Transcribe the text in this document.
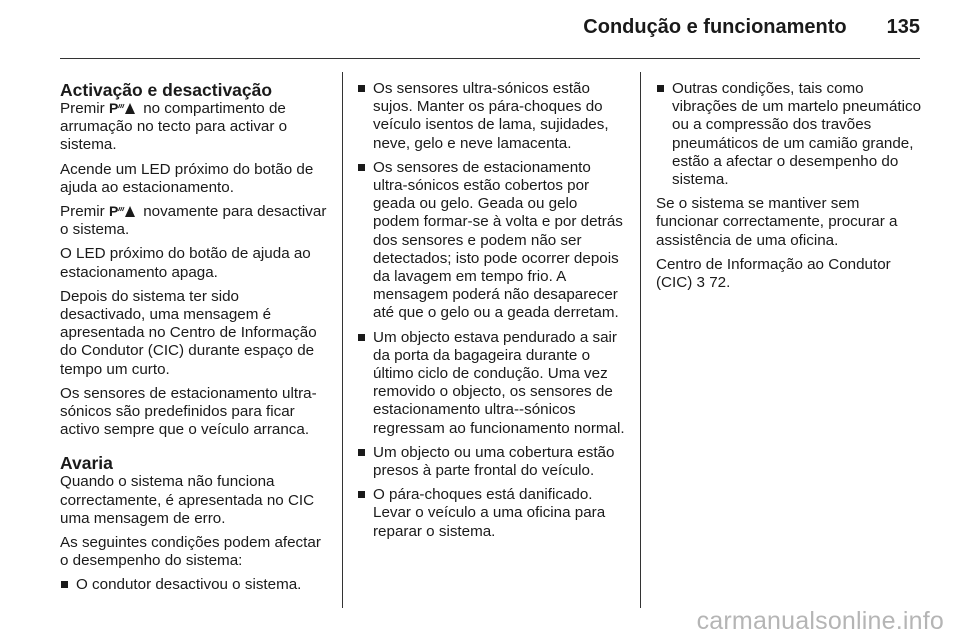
Condução e funcionamento 135
Activação e desactivação

Premir P no compartimento de arrumação no tecto para activar o sistema.

Acende um LED próximo do botão de ajuda ao estacionamento.

Premir P novamente para desactivar o sistema.

O LED próximo do botão de ajuda ao estacionamento apaga.

Depois do sistema ter sido desactivado, uma mensagem é apresentada no Centro de Informação do Condutor (CIC) durante espaço de tempo um curto.

Os sensores de estacionamento ultra-sónicos são predefinidos para ficar activo sempre que o veículo arranca.

Avaria

Quando o sistema não funciona correctamente, é apresentada no CIC uma mensagem de erro.

As seguintes condições podem afectar o desempenho do sistema:

O condutor desactivou o sistema.
Os sensores ultra-sónicos estão sujos. Manter os pára-choques do veículo isentos de lama, sujidades, neve, gelo e neve lamacenta.
Os sensores de estacionamento ultra-sónicos estão cobertos por geada ou gelo. Geada ou gelo podem formar-se à volta e por detrás dos sensores e podem não ser detectados; isto pode ocorrer depois da lavagem em tempo frio. A mensagem poderá não desaparecer até que o gelo ou a geada derretam.
Um objecto estava pendurado a sair da porta da bagageira durante o último ciclo de condução. Uma vez removido o objecto, os sensores de estacionamento ultra--sónicos regressam ao funcionamento normal.
Um objecto ou uma cobertura estão presos à parte frontal do veículo.
O pára-choques está danificado. Levar o veículo a uma oficina para reparar o sistema.
Outras condições, tais como vibrações de um martelo pneumático ou a compressão dos travões pneumáticos de um camião grande, estão a afectar o desempenho do sistema.

Se o sistema se mantiver sem funcionar correctamente, procurar a assistência de uma oficina.

Centro de Informação ao Condutor (CIC) 3 72.

carmanualsonline.info
